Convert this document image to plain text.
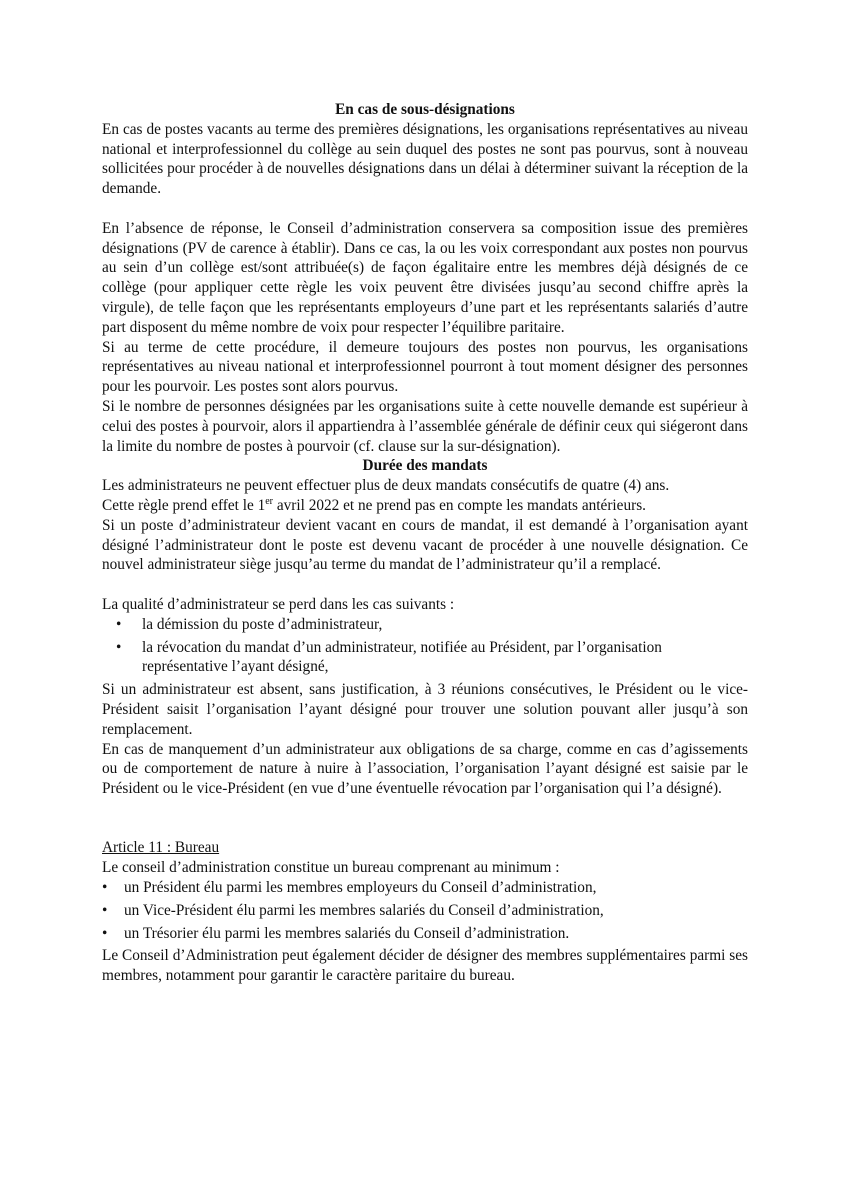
En cas de sous-désignations

En cas de postes vacants au terme des premières désignations, les organisations représentatives au niveau national et interprofessionnel du collège au sein duquel des postes ne sont pas pourvus, sont à nouveau sollicitées pour procéder à de nouvelles désignations dans un délai à déterminer suivant la réception de la demande.

En l’absence de réponse, le Conseil d’administration conservera sa composition issue des premières désignations (PV de carence à établir). Dans ce cas, la ou les voix correspondant aux postes non pourvus au sein d’un collège est/sont attribuée(s) de façon égalitaire entre les membres déjà désignés de ce collège (pour appliquer cette règle les voix peuvent être divisées jusqu’au second chiffre après la virgule), de telle façon que les représentants employeurs d’une part et les représentants salariés d’autre part disposent du même nombre de voix pour respecter l’équilibre paritaire.

Si au terme de cette procédure, il demeure toujours des postes non pourvus, les organisations représentatives au niveau national et interprofessionnel pourront à tout moment désigner des personnes pour les pourvoir. Les postes sont alors pourvus.

Si le nombre de personnes désignées par les organisations suite à cette nouvelle demande est supérieur à celui des postes à pourvoir, alors il appartiendra à l’assemblée générale de définir ceux qui siégeront dans la limite du nombre de postes à pourvoir (cf. clause sur la sur-désignation).

Durée des mandats

Les administrateurs ne peuvent effectuer plus de deux mandats consécutifs de quatre (4) ans.

Cette règle prend effet le 1er avril 2022 et ne prend pas en compte les mandats antérieurs.

Si un poste d’administrateur devient vacant en cours de mandat, il est demandé à l’organisation ayant désigné l’administrateur dont le poste est devenu vacant de procéder à une nouvelle désignation. Ce nouvel administrateur siège jusqu’au terme du mandat de l’administrateur qu’il a remplacé.

La qualité d’administrateur se perd dans les cas suivants :

• la démission du poste d’administrateur,
• la révocation du mandat d’un administrateur, notifiée au Président, par l’organisation représentative l’ayant désigné,

Si un administrateur est absent, sans justification, à 3 réunions consécutives, le Président ou le vice-Président saisit l’organisation l’ayant désigné pour trouver une solution pouvant aller jusqu’à son remplacement.

En cas de manquement d’un administrateur aux obligations de sa charge, comme en cas d’agissements ou de comportement de nature à nuire à l’association, l’organisation l’ayant désigné est saisie par le Président ou le vice-Président (en vue d’une éventuelle révocation par l’organisation qui l’a désigné).

Article 11 : Bureau

Le conseil d’administration constitue un bureau comprenant au minimum :

• un Président élu parmi les membres employeurs du Conseil d’administration,
• un Vice-Président élu parmi les membres salariés du Conseil d’administration,
• un Trésorier élu parmi les membres salariés du Conseil d’administration.

Le Conseil d’Administration peut également décider de désigner des membres supplémentaires parmi ses membres, notamment pour garantir le caractère paritaire du bureau.
